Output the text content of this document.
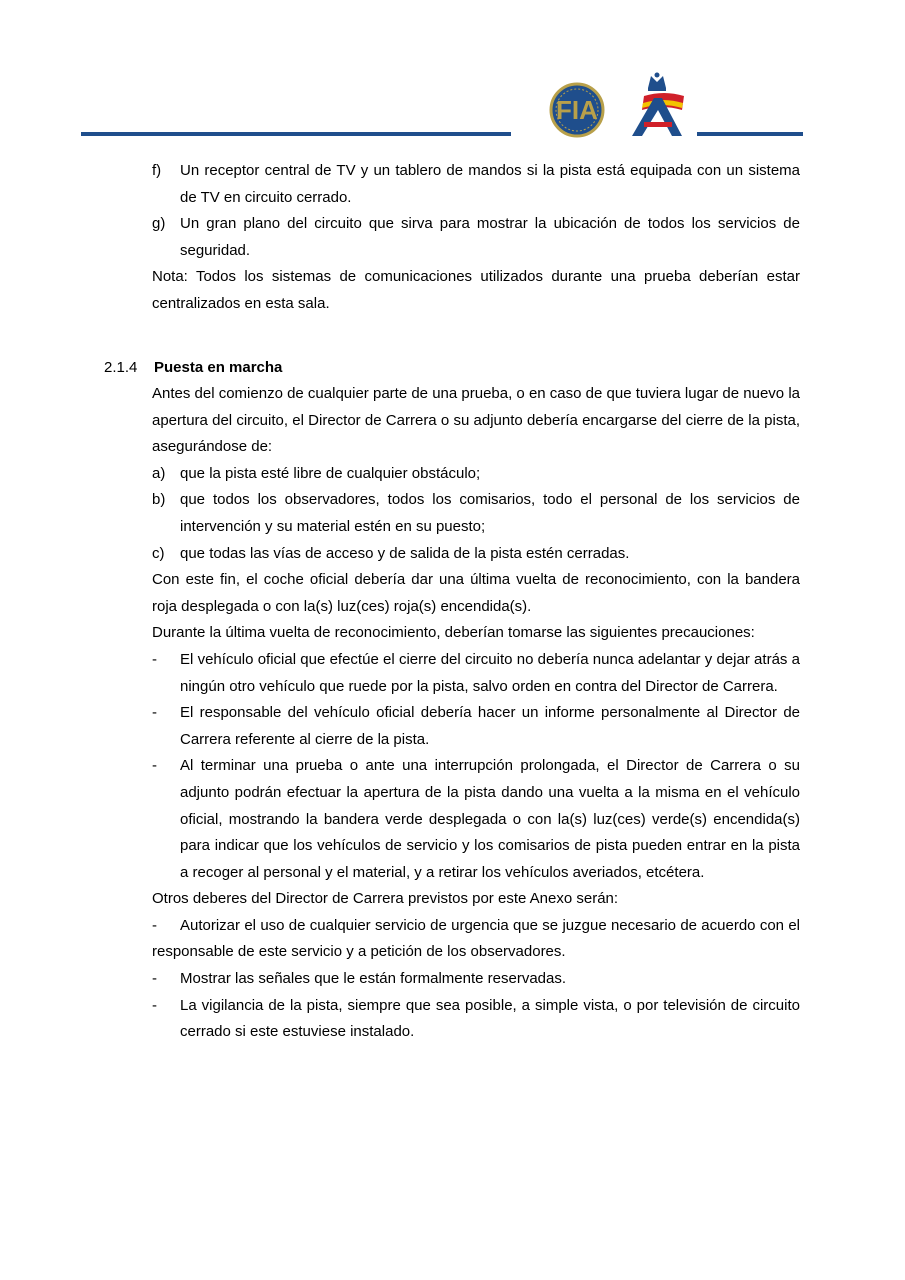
FIA
f)	Un receptor central de TV y un tablero de mandos si la pista está equipada con un sistema de TV en circuito cerrado.
g) Un gran plano del circuito que sirva para mostrar la ubicación de todos los servicios de seguridad.
Nota: Todos los sistemas de comunicaciones utilizados durante una prueba deberían estar centralizados en esta sala.
2.1.4 Puesta en marcha
Antes del comienzo de cualquier parte de una prueba, o en caso de que tuviera lugar de nuevo la apertura del circuito, el Director de Carrera o su adjunto debería encargarse del cierre de la pista, asegurándose de:
a) que la pista esté libre de cualquier obstáculo;
b) que todos los observadores, todos los comisarios, todo el personal de los servicios de intervención y su material estén en su puesto;
c)	que todas las vías de acceso y de salida de la pista estén cerradas.
Con este fin, el coche oficial debería dar una última vuelta de reconocimiento, con la bandera roja desplegada o con la(s) luz(ces) roja(s) encendida(s).
Durante la última vuelta de reconocimiento, deberían tomarse las siguientes precauciones:
-	El vehículo oficial que efectúe el cierre del circuito no debería nunca adelantar y dejar atrás a ningún otro vehículo que ruede por la pista, salvo orden en contra del Director de Carrera.
-	El responsable del vehículo oficial debería hacer un informe personalmente al Director de Carrera referente al cierre de la pista.
-	Al terminar una prueba o ante una interrupción prolongada, el Director de Carrera o su adjunto podrán efectuar la apertura de la pista dando una vuelta a la misma en el vehículo oficial, mostrando la bandera verde desplegada o con la(s) luz(ces) verde(s) encendida(s) para indicar que los vehículos de servicio y los comisarios de pista pueden entrar en la pista a recoger al personal y el material, y a retirar los vehículos averiados, etcétera.
Otros deberes del Director de Carrera previstos por este Anexo serán:
- Autorizar el uso de cualquier servicio de urgencia que se juzgue necesario de acuerdo con el responsable de este servicio y a petición de los observadores.
-	Mostrar las señales que le están formalmente reservadas.
-	La vigilancia de la pista, siempre que sea posible, a simple vista, o por televisión de circuito cerrado si este estuviese instalado.
